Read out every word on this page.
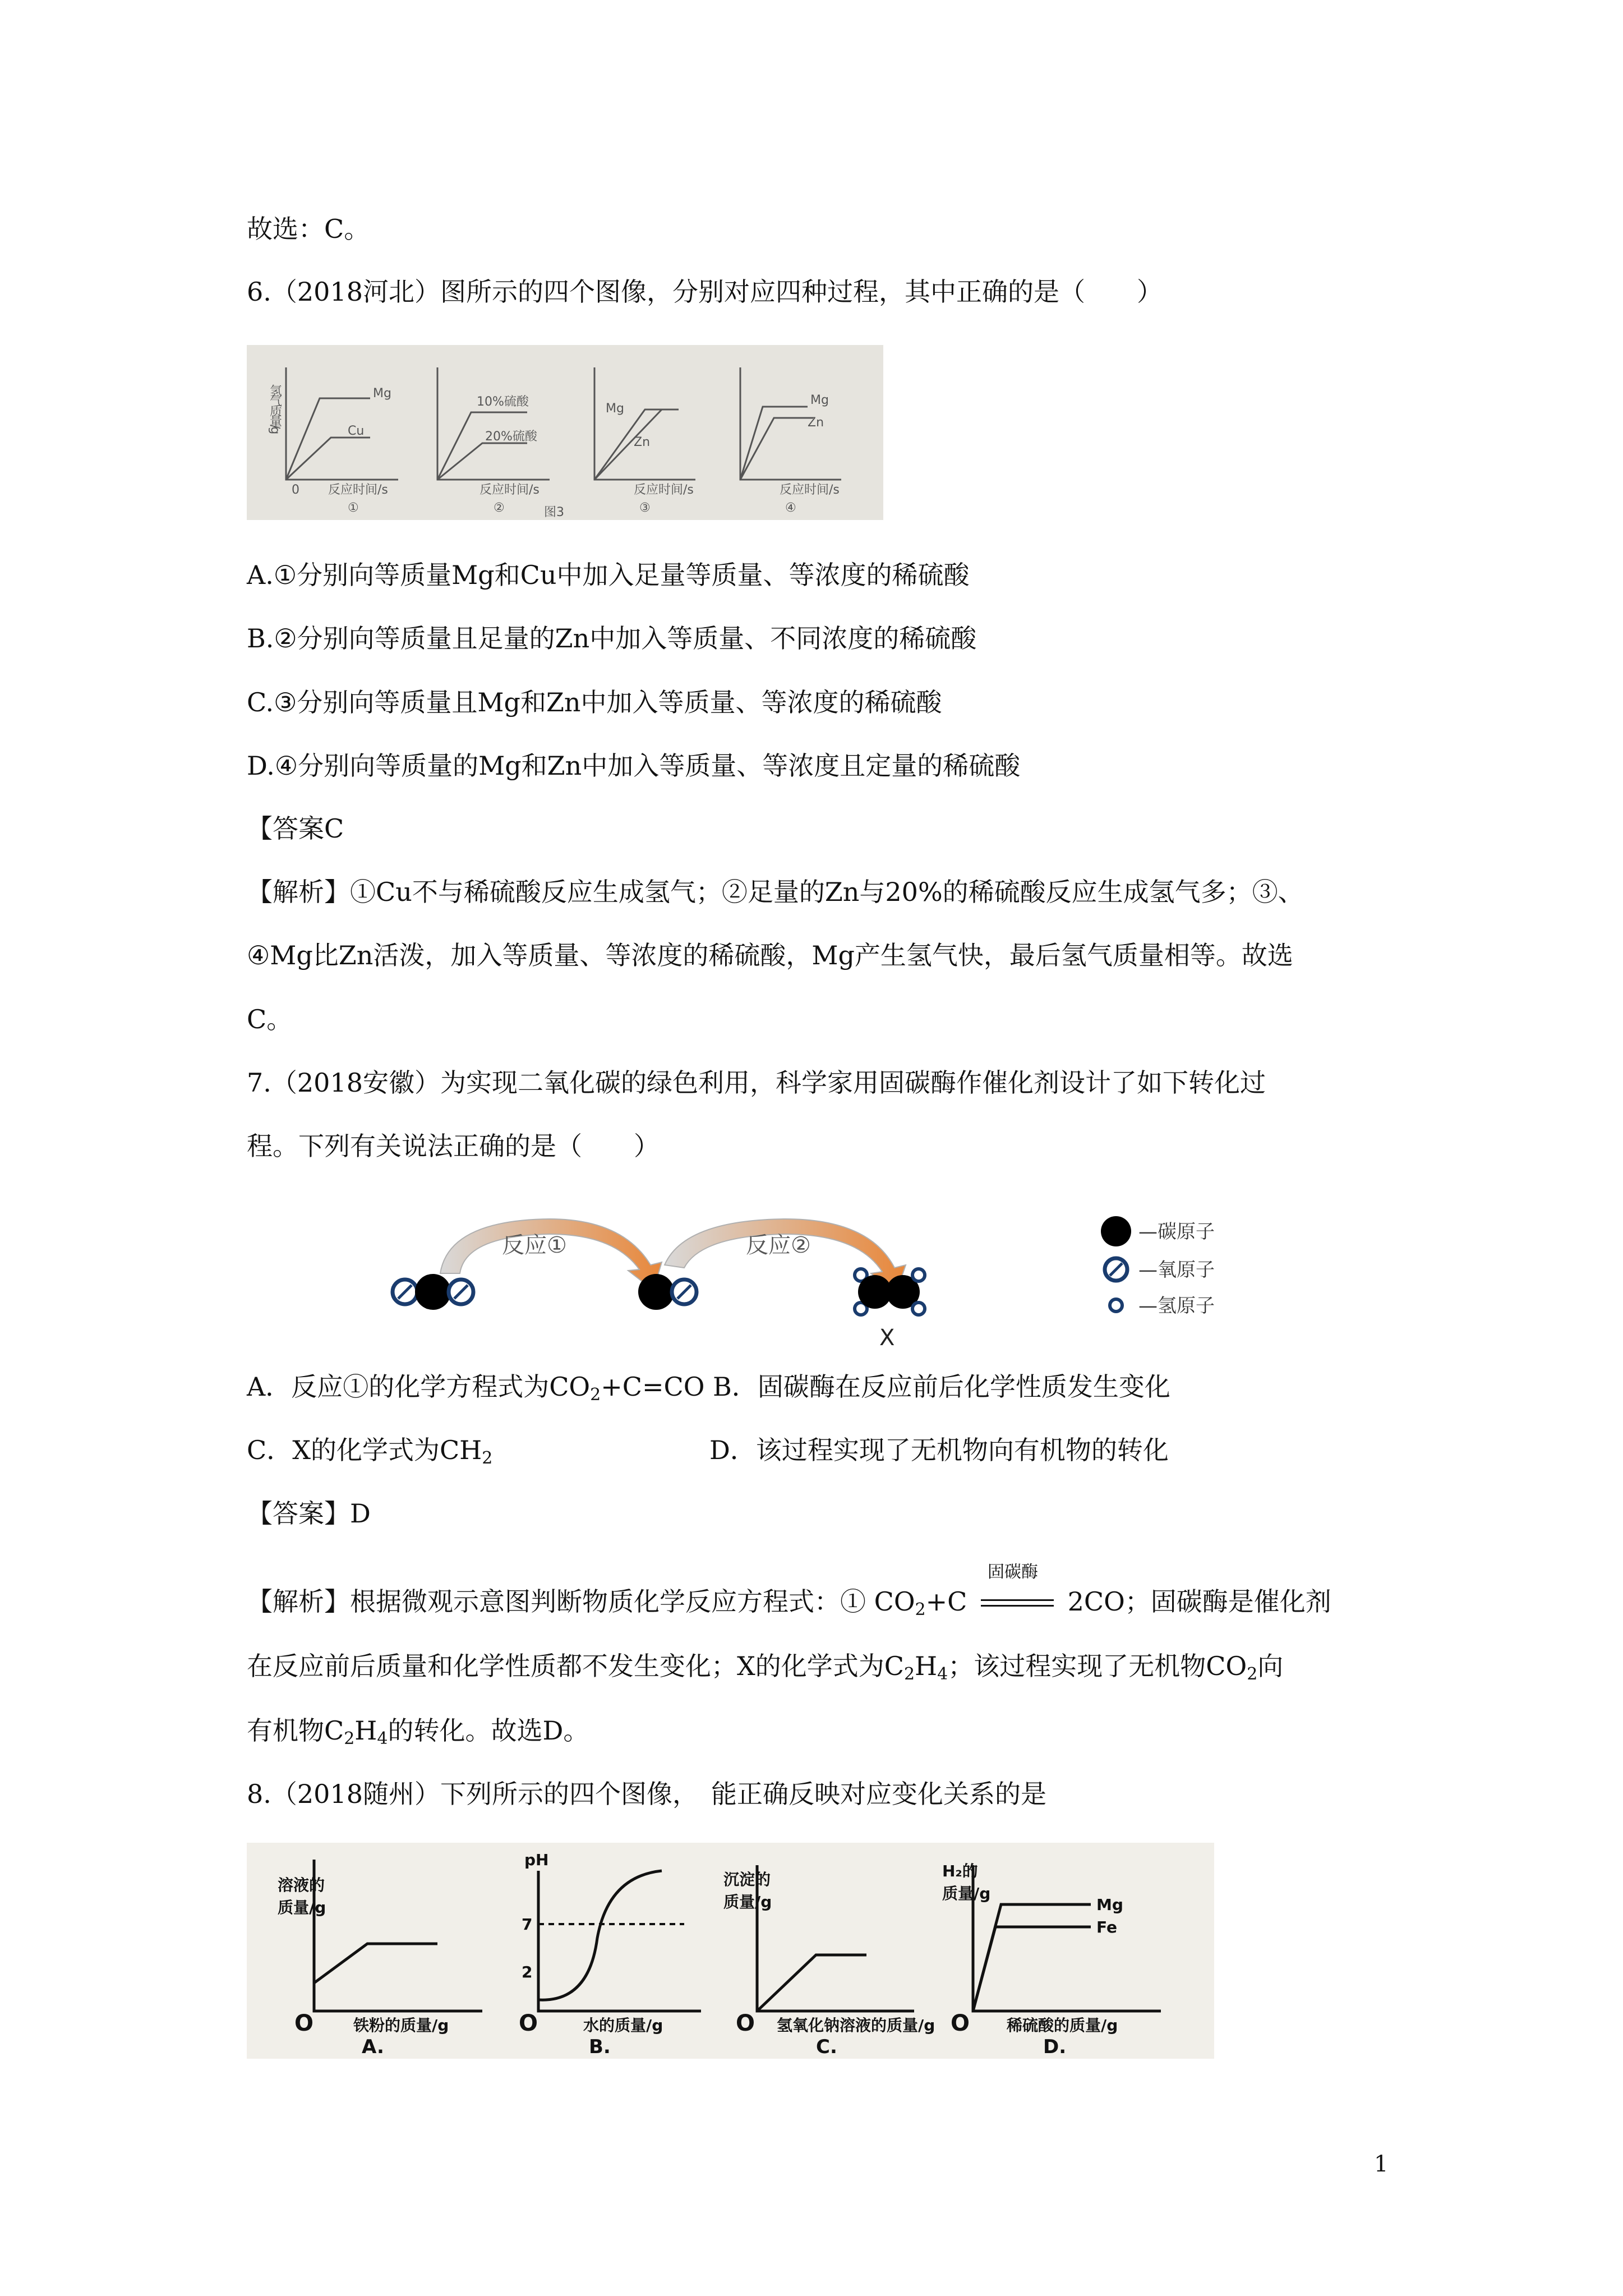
故选：C。
6.（2018河北）图所示的四个图像，分别对应四种过程，其中正确的是（　　）
氢气质量/g
0 反应时间/s	反应时间/s	反应时间/s	反应时间/s
①	②	图3	③	④
Mg
Cu
10%硫酸
20%硫酸
Mg
Zn
Mg
Zn
A.①分别向等质量Mg和Cu中加入足量等质量、等浓度的稀硫酸
B.②分别向等质量且足量的Zn中加入等质量、不同浓度的稀硫酸
C.③分别向等质量且Mg和Zn中加入等质量、等浓度的稀硫酸
D.④分别向等质量的Mg和Zn中加入等质量、等浓度且定量的稀硫酸
【答案C
【解析】①Cu不与稀硫酸反应生成氢气；②足量的Zn与20%的稀硫酸反应生成氢气多；③、
④Mg比Zn活泼，加入等质量、等浓度的稀硫酸，Mg产生氢气快，最后氢气质量相等。故选
C。
7.（2018安徽）为实现二氧化碳的绿色利用，科学家用固碳酶作催化剂设计了如下转化过
程。下列有关说法正确的是（　　）
反应①	反应②
X
—碳原子
—氧原子
—氢原子
A．反应①的化学方程式为$CO_2+C=CO$ B．固碳酶在反应前后化学性质发生变化
C．X的化学式为$CH_2$	D．该过程实现了无机物向有机物的转化
【答案】D
【解析】根据微观示意图判断物质化学反应方程式：① $CO_2+C$
固碳酶
2CO；固碳酶是催化剂
在反应前后质量和化学性质都不发生变化；X的化学式为$C_2H_4$；该过程实现了无机物$CO_2$向
有机物$C_2H_4$的转化。故选D。
8.（2018随州）下列所示的四个图像，　能正确反映对应变化关系的是
溶液的
质量/g
O	铁粉的质量/g
A.
pH
7
2
O	水的质量/g
B.
沉淀的
质量/g
O 氢氧化钠溶液的质量/g
C.
H₂的
质量/g
O 稀硫酸的质量/g
D.
Mg
Fe
1
